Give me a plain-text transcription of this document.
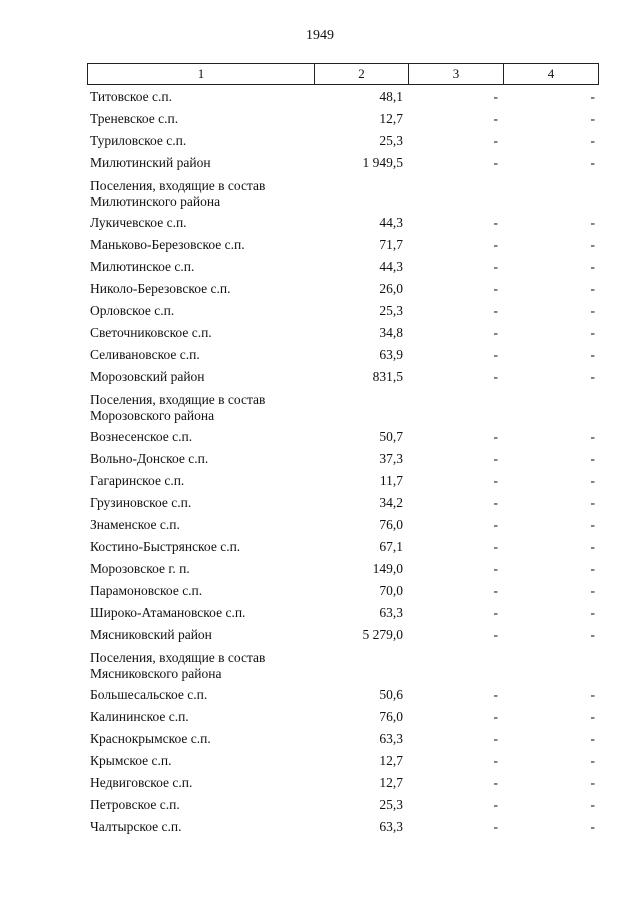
1949
1	2	3	4
Титовское с.п.	48,1	-	-
Треневское с.п.	12,7	-	-
Туриловское с.п.	25,3	-	-
Милютинский район	1 949,5	-	-
Поселения, входящие в состав Милютинского района
Лукичевское с.п.	44,3	-	-
Маньково-Березовское с.п.	71,7	-	-
Милютинское с.п.	44,3	-	-
Николо-Березовское с.п.	26,0	-	-
Орловское с.п.	25,3	-	-
Светочниковское с.п.	34,8	-	-
Селивановское с.п.	63,9	-	-
Морозовский район	831,5	-	-
Поселения, входящие в состав Морозовского района
Вознесенское с.п.	50,7	-	-
Вольно-Донское с.п.	37,3	-	-
Гагаринское с.п.	11,7	-	-
Грузиновское с.п.	34,2	-	-
Знаменское с.п.	76,0	-	-
Костино-Быстрянское с.п.	67,1	-	-
Морозовское г. п.	149,0	-	-
Парамоновское с.п.	70,0	-	-
Широко-Атамановское с.п.	63,3	-	-
Мясниковский район	5 279,0	-	-
Поселения, входящие в состав Мясниковского района
Большесальское с.п.	50,6	-	-
Калининское с.п.	76,0	-	-
Краснокрымское с.п.	63,3	-	-
Крымское с.п.	12,7	-	-
Недвиговское с.п.	12,7	-	-
Петровское с.п.	25,3	-	-
Чалтырское с.п.	63,3	-	-
